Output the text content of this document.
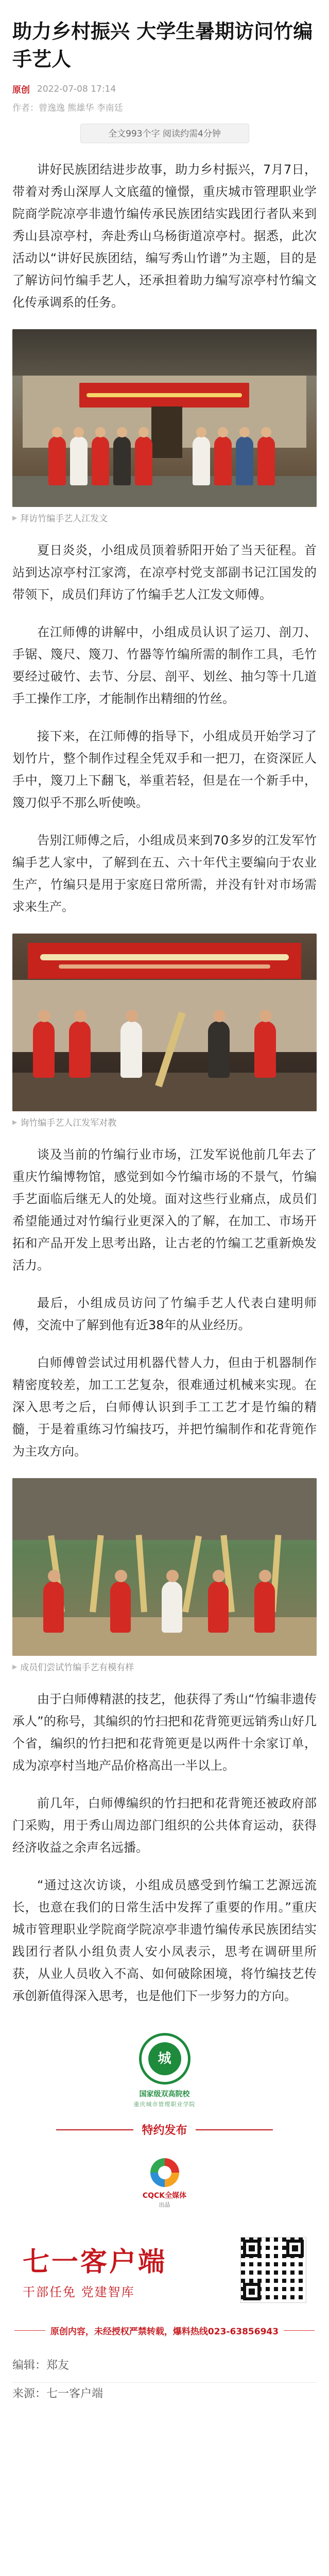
助力乡村振兴 大学生暑期访问竹编手艺人
原创 2022-07-08 17:14
作者：曾逸逸 熊雄华 李南廷
全文993个字 阅读约需4分钟

讲好民族团结进步故事，助力乡村振兴，7月7日，带着对秀山深厚人文底蕴的憧憬，重庆城市管理职业学院商学院凉亭非遗竹编传承民族团结实践团行者队来到秀山县凉亭村，奔赴秀山乌杨街道凉亭村。据悉，此次活动以“讲好民族团结，编写秀山竹谱”为主题，目的是了解访问竹编手艺人，还承担着助力编写凉亭村竹编文化传承调系的任务。

▶ 拜访竹编手艺人江发文

夏日炎炎，小组成员顶着骄阳开始了当天征程。首站到达凉亭村江家湾，在凉亭村党支部副书记江国发的带领下，成员们拜访了竹编手艺人江发文师傅。

在江师傅的讲解中，小组成员认识了运刀、剖刀、手锯、篾尺、篾刀、竹器等竹编所需的制作工具，毛竹要经过破竹、去节、分层、剖平、划丝、抽匀等十几道手工操作工序，才能制作出精细的竹丝。

接下来，在江师傅的指导下，小组成员开始学习了划竹片，整个制作过程全凭双手和一把刀，在资深匠人手中，篾刀上下翻飞，举重若轻，但是在一个新手中，篾刀似乎不那么听使唤。

告别江师傅之后，小组成员来到70多岁的江发军竹编手艺人家中，了解到在五、六十年代主要编向于农业生产，竹编只是用于家庭日常所需，并没有针对市场需求来生产。

▶ 询竹编手艺人江发军对教

谈及当前的竹编行业市场，江发军说他前几年去了重庆竹编博物馆，感觉到如今竹编市场的不景气，竹编手艺面临后继无人的处境。面对这些行业痛点，成员们希望能通过对竹编行业更深入的了解，在加工、市场开拓和产品开发上思考出路，让古老的竹编工艺重新焕发活力。

最后，小组成员访问了竹编手艺人代表白建明师傅，交流中了解到他有近38年的从业经历。

白师傅曾尝试过用机器代替人力，但由于机器制作精密度较差，加工工艺复杂，很难通过机械来实现。在深入思考之后，白师傅认识到手工工艺才是竹编的精髓，于是着重练习竹编技巧，并把竹编制作和花背篼作为主攻方向。

▶ 成员们尝试竹编手艺有模有样

由于白师傅精湛的技艺，他获得了秀山“竹编非遗传承人”的称号，其编织的竹扫把和花背篼更远销秀山好几个省，编织的竹扫把和花背篼更是以两件十余家订单，成为凉亭村当地产品价格高出一半以上。

前几年，白师傅编织的竹扫把和花背篼还被政府部门采购，用于秀山周边部门组织的公共体育运动，获得经济收益之余声名远播。

“通过这次访谈，小组成员感受到竹编工艺源远流长，也意在我们的日常生活中发挥了重要的作用。”重庆城市管理职业学院商学院凉亭非遗竹编传承民族团结实践团行者队小组负责人安小凤表示，思考在调研里所获，从业人员收入不高、如何破除困境，将竹编技艺传承创新值得深入思考，也是他们下一步努力的方向。

城
国家级双高院校
重庆城市管理职业学院
特约发布
CQCK全媒体
出品
七一客户端
干部任免 党建智库
原创内容，未经授权严禁转载，爆料热线023-63856943
编辑：郑友
来源：七一客户端
